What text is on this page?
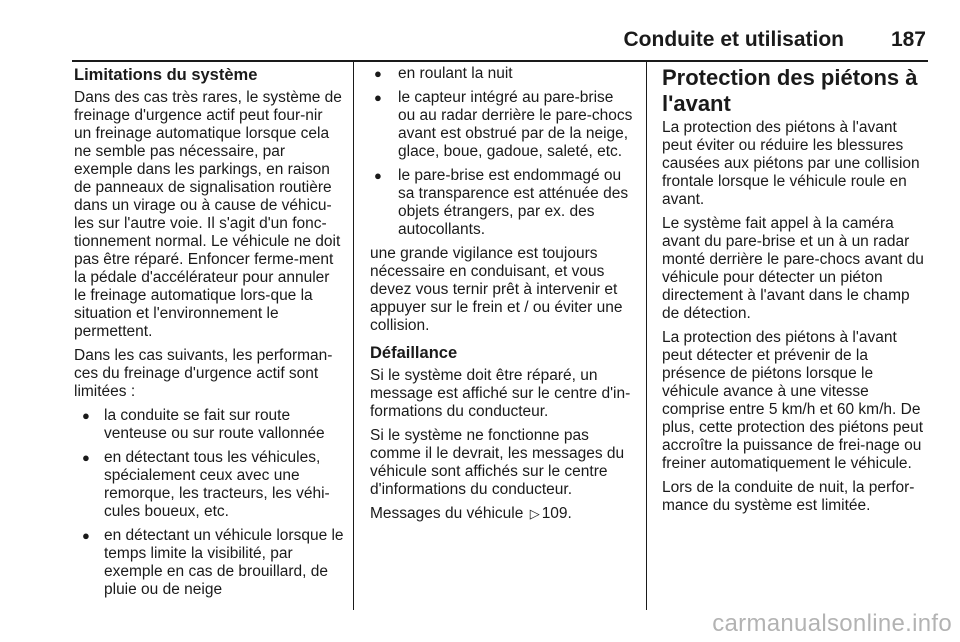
Conduite et utilisation 187
Limitations du système

Dans des cas très rares, le système de freinage d'urgence actif peut four-nir un freinage automatique lorsque cela ne semble pas nécessaire, par exemple dans les parkings, en raison de panneaux de signalisation routière dans un virage ou à cause de véhicu-les sur l'autre voie. Il s'agit d'un fonc-tionnement normal. Le véhicule ne doit pas être réparé. Enfoncer ferme-ment la pédale d'accélérateur pour annuler le freinage automatique lors-que la situation et l'environnement le permettent.

Dans les cas suivants, les performan-ces du freinage d'urgence actif sont limitées :

● la conduite se fait sur route venteuse ou sur route vallonnée
● en détectant tous les véhicules, spécialement ceux avec une remorque, les tracteurs, les véhi-cules boueux, etc.
● en détectant un véhicule lorsque le temps limite la visibilité, par exemple en cas de brouillard, de pluie ou de neige
● en roulant la nuit
● le capteur intégré au pare-brise ou au radar derrière le pare-chocs avant est obstrué par de la neige, glace, boue, gadoue, saleté, etc.
● le pare-brise est endommagé ou sa transparence est atténuée des objets étrangers, par ex. des autocollants.

une grande vigilance est toujours nécessaire en conduisant, et vous devez vous ternir prêt à intervenir et appuyer sur le frein et / ou éviter une collision.

Défaillance

Si le système doit être réparé, un message est affiché sur le centre d'in-formations du conducteur.

Si le système ne fonctionne pas comme il le devrait, les messages du véhicule sont affichés sur le centre d'informations du conducteur.

Messages du véhicule ▷ 109.

Protection des piétons à l'avant

La protection des piétons à l'avant peut éviter ou réduire les blessures causées aux piétons par une collision frontale lorsque le véhicule roule en avant.

Le système fait appel à la caméra avant du pare-brise et un à un radar monté derrière le pare-chocs avant du véhicule pour détecter un piéton directement à l'avant dans le champ de détection.

La protection des piétons à l'avant peut détecter et prévenir de la présence de piétons lorsque le véhicule avance à une vitesse comprise entre 5 km/h et 60 km/h. De plus, cette protection des piétons peut accroître la puissance de frei-nage ou freiner automatiquement le véhicule.

Lors de la conduite de nuit, la perfor-mance du système est limitée.

carmanualsonline.info
